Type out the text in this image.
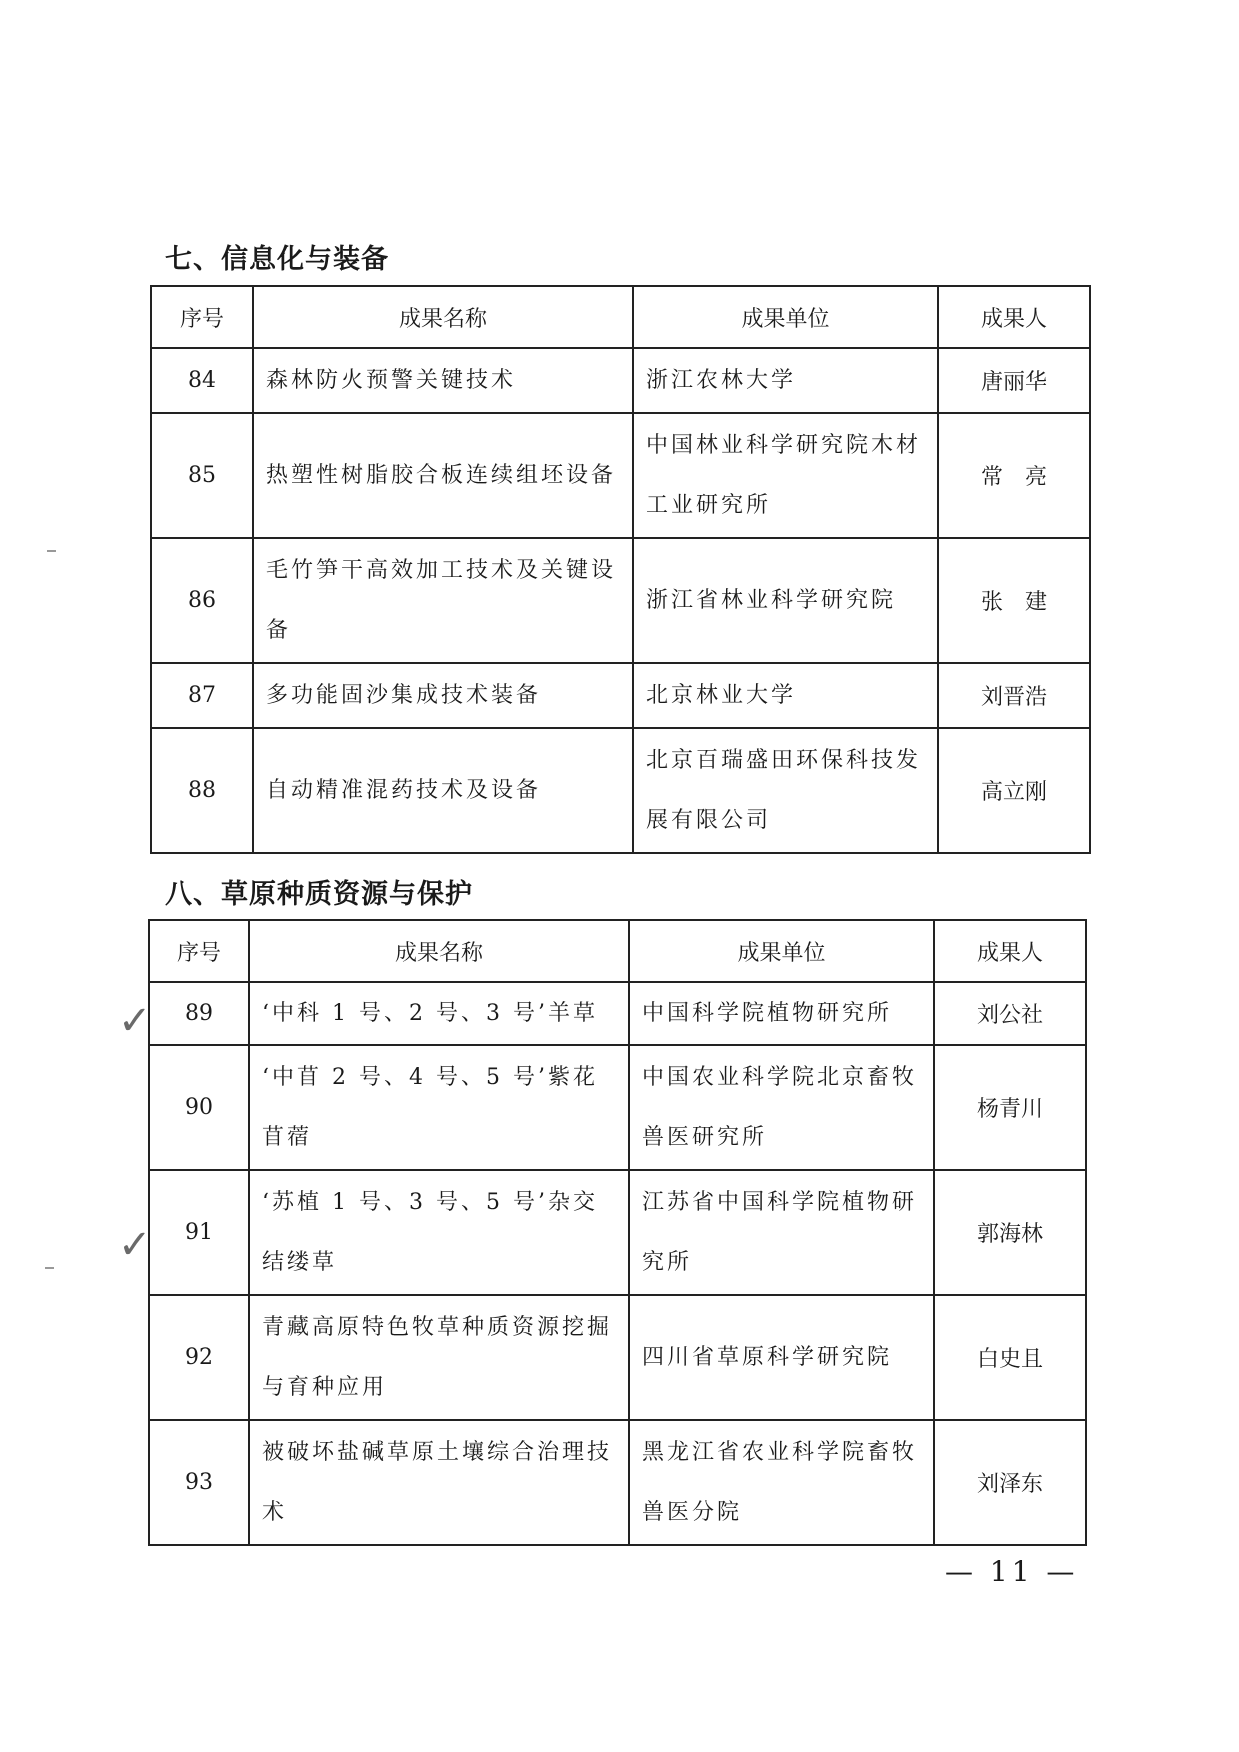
七、信息化与装备
序号	成果名称	成果单位	成果人
84	森林防火预警关键技术	浙江农林大学	唐丽华
85	热塑性树脂胶合板连续组坯设备	中国林业科学研究院木材工业研究所	常　亮
86	毛竹笋干高效加工技术及关键设备	浙江省林业科学研究院	张　建
87	多功能固沙集成技术装备	北京林业大学	刘晋浩
88	自动精准混药技术及设备	北京百瑞盛田环保科技发展有限公司	高立刚
八、草原种质资源与保护
序号	成果名称	成果单位	成果人
89	‘中科 1 号、2 号、3 号’羊草	中国科学院植物研究所	刘公社
90	‘中苜 2 号、4 号、5 号’紫花苜蓿	中国农业科学院北京畜牧兽医研究所	杨青川
91	‘苏植 1 号、3 号、5 号’杂交结缕草	江苏省中国科学院植物研究所	郭海林
92	青藏高原特色牧草种质资源挖掘与育种应用	四川省草原科学研究院	白史且
93	被破坏盐碱草原土壤综合治理技术	黑龙江省农业科学院畜牧兽医分院	刘泽东
✓
✓
— 11 —
